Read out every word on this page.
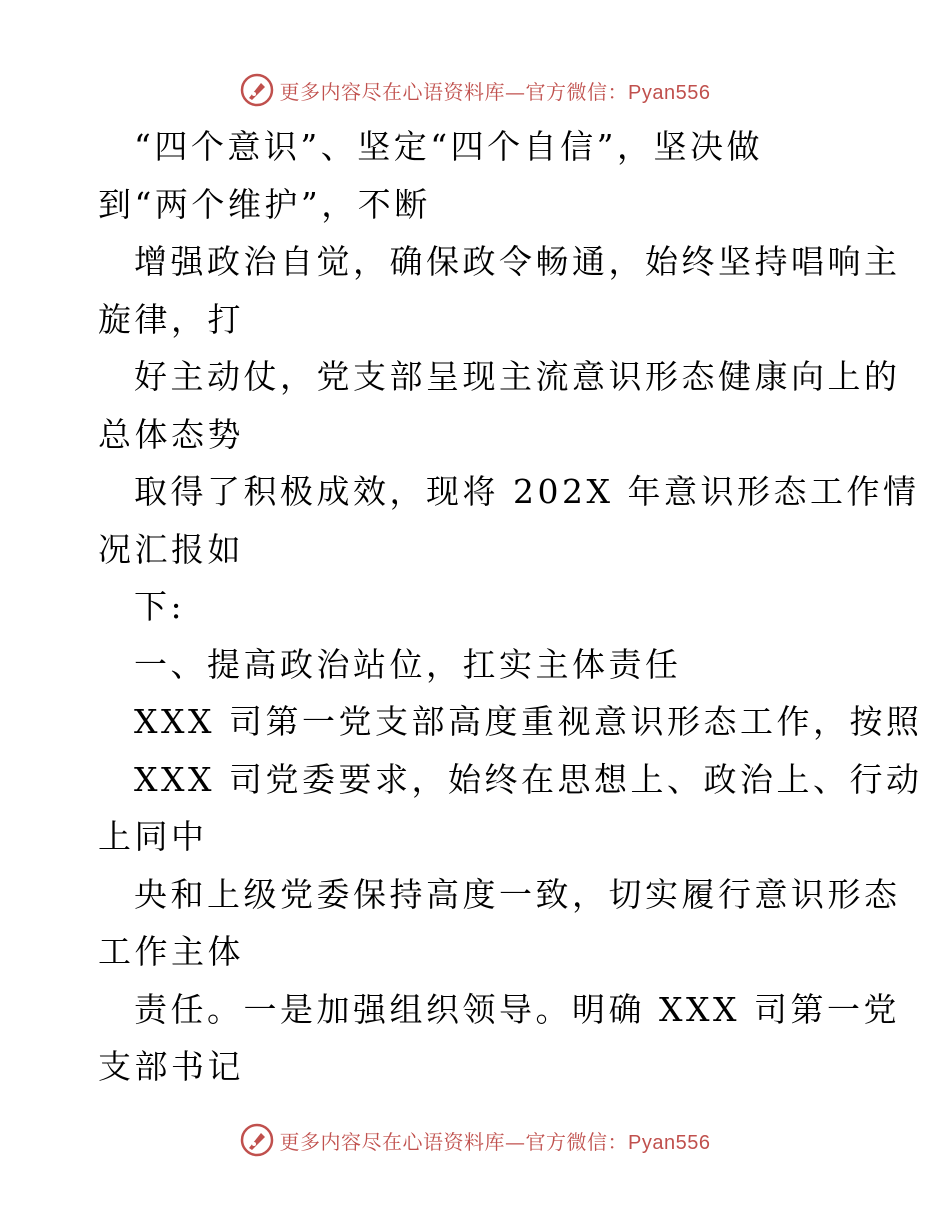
更多内容尽在心语资料库—官方微信：Pyan556
“四个意识”、坚定“四个自信”，坚决做
到“两个维护”，不断
增强政治自觉，确保政令畅通，始终坚持唱响主
旋律，打
好主动仗，党支部呈现主流意识形态健康向上的
总体态势
取得了积极成效，现将 202X 年意识形态工作情
况汇报如
下:
一、提高政治站位，扛实主体责任
XXX 司第一党支部高度重视意识形态工作，按照
XXX 司党委要求，始终在思想上、政治上、行动
上同中
央和上级党委保持高度一致，切实履行意识形态
工作主体
责任。一是加强组织领导。明确 XXX 司第一党
支部书记
更多内容尽在心语资料库—官方微信：Pyan556
